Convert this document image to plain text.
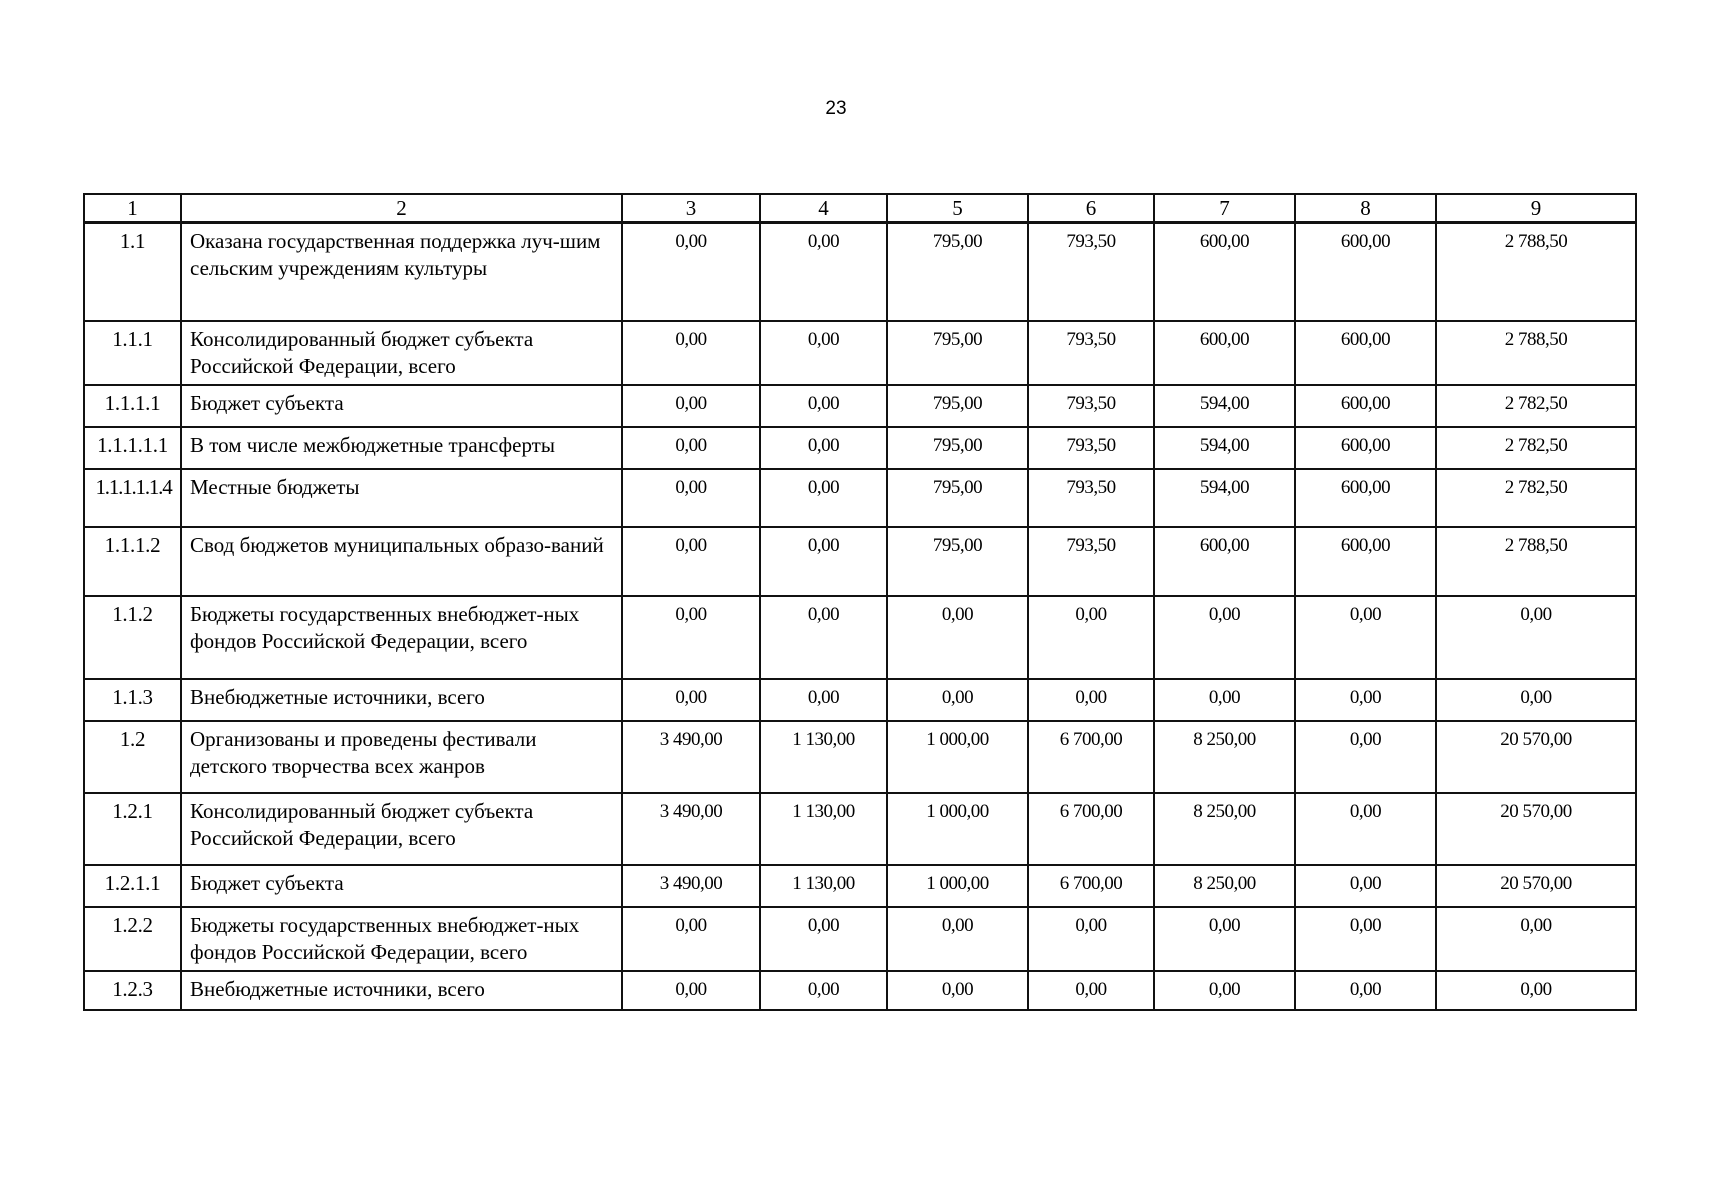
23
1	2	3	4	5	6	7	8	9
1.1	Оказана государственная поддержка луч-шим сельским учреждениям культуры	0,00	0,00	795,00	793,50	600,00	600,00	2 788,50
1.1.1	Консолидированный бюджет субъекта Российской Федерации, всего	0,00	0,00	795,00	793,50	600,00	600,00	2 788,50
1.1.1.1	Бюджет субъекта	0,00	0,00	795,00	793,50	594,00	600,00	2 782,50
1.1.1.1.1	В том числе межбюджетные трансферты	0,00	0,00	795,00	793,50	594,00	600,00	2 782,50
1.1.1.1.1.4	Местные бюджеты	0,00	0,00	795,00	793,50	594,00	600,00	2 782,50
1.1.1.2	Свод бюджетов муниципальных образо-ваний	0,00	0,00	795,00	793,50	600,00	600,00	2 788,50
1.1.2	Бюджеты государственных внебюджет-ных фондов Российской Федерации, всего	0,00	0,00	0,00	0,00	0,00	0,00	0,00
1.1.3	Внебюджетные источники, всего	0,00	0,00	0,00	0,00	0,00	0,00	0,00
1.2	Организованы и проведены фестивали детского творчества всех жанров	3 490,00	1 130,00	1 000,00	6 700,00	8 250,00	0,00	20 570,00
1.2.1	Консолидированный бюджет субъекта Российской Федерации, всего	3 490,00	1 130,00	1 000,00	6 700,00	8 250,00	0,00	20 570,00
1.2.1.1	Бюджет субъекта	3 490,00	1 130,00	1 000,00	6 700,00	8 250,00	0,00	20 570,00
1.2.2	Бюджеты государственных внебюджет-ных фондов Российской Федерации, всего	0,00	0,00	0,00	0,00	0,00	0,00	0,00
1.2.3	Внебюджетные источники, всего	0,00	0,00	0,00	0,00	0,00	0,00	0,00
